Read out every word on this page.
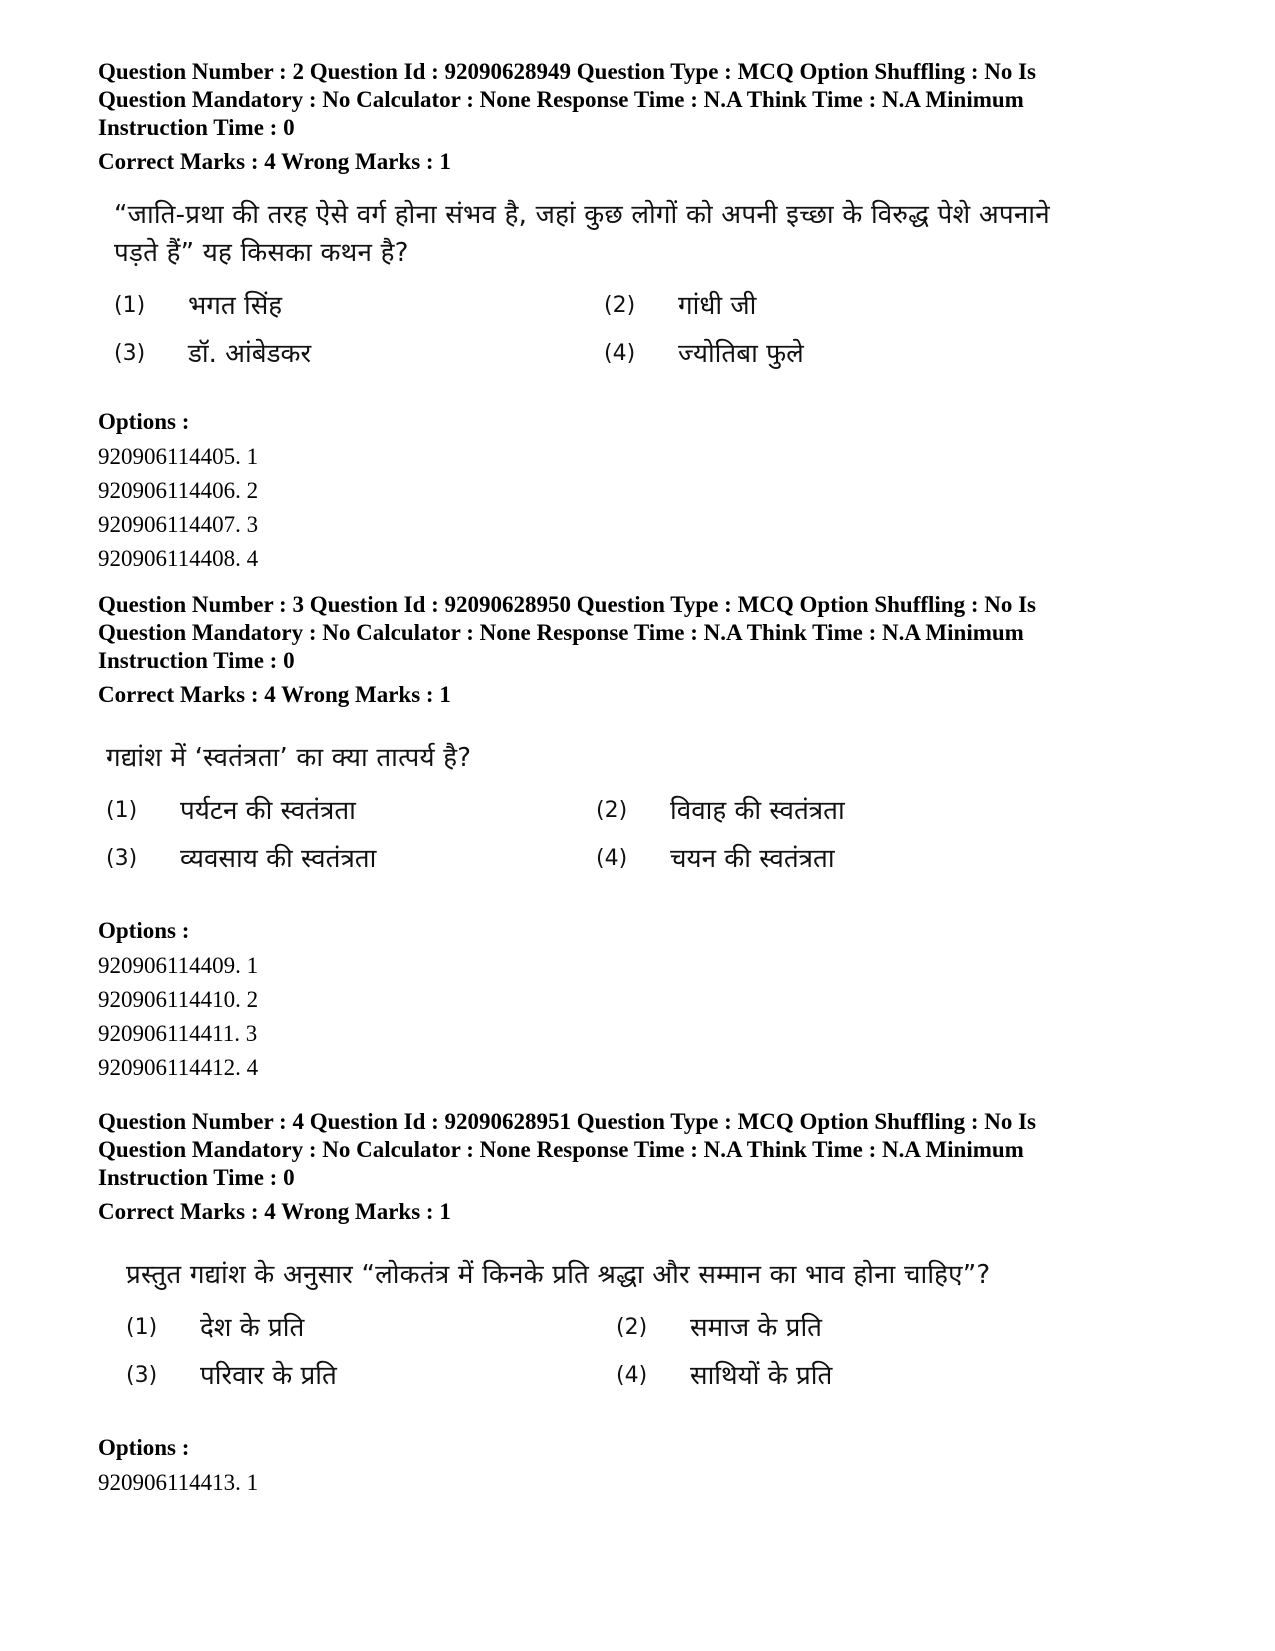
Question Number : 2 Question Id : 92090628949 Question Type : MCQ Option Shuffling : No Is
Question Mandatory : No Calculator : None Response Time : N.A Think Time : N.A Minimum
Instruction Time : 0
Correct Marks : 4 Wrong Marks : 1
“जाति-प्रथा की तरह ऐसे वर्ग होना संभव है, जहां कुछ लोगों को अपनी इच्छा के विरुद्ध पेशे अपनाने
पड़ते हैं” यह किसका कथन है?
(1)	भगत सिंह	(2)	गांधी जी
(3)	डॉ. आंबेडकर	(4)	ज्योतिबा फुले
Options :
920906114405. 1
920906114406. 2
920906114407. 3
920906114408. 4
Question Number : 3 Question Id : 92090628950 Question Type : MCQ Option Shuffling : No Is
Question Mandatory : No Calculator : None Response Time : N.A Think Time : N.A Minimum
Instruction Time : 0
Correct Marks : 4 Wrong Marks : 1
गद्यांश में ‘स्वतंत्रता’ का क्या तात्पर्य है?
(1)	पर्यटन की स्वतंत्रता	(2)	विवाह की स्वतंत्रता
(3)	व्यवसाय की स्वतंत्रता	(4)	चयन की स्वतंत्रता
Options :
920906114409. 1
920906114410. 2
920906114411. 3
920906114412. 4
Question Number : 4 Question Id : 92090628951 Question Type : MCQ Option Shuffling : No Is
Question Mandatory : No Calculator : None Response Time : N.A Think Time : N.A Minimum
Instruction Time : 0
Correct Marks : 4 Wrong Marks : 1
प्रस्तुत गद्यांश के अनुसार “लोकतंत्र में किनके प्रति श्रद्धा और सम्मान का भाव होना चाहिए”?
(1)	देश के प्रति	(2)	समाज के प्रति
(3)	परिवार के प्रति	(4)	साथियों के प्रति
Options :
920906114413. 1
